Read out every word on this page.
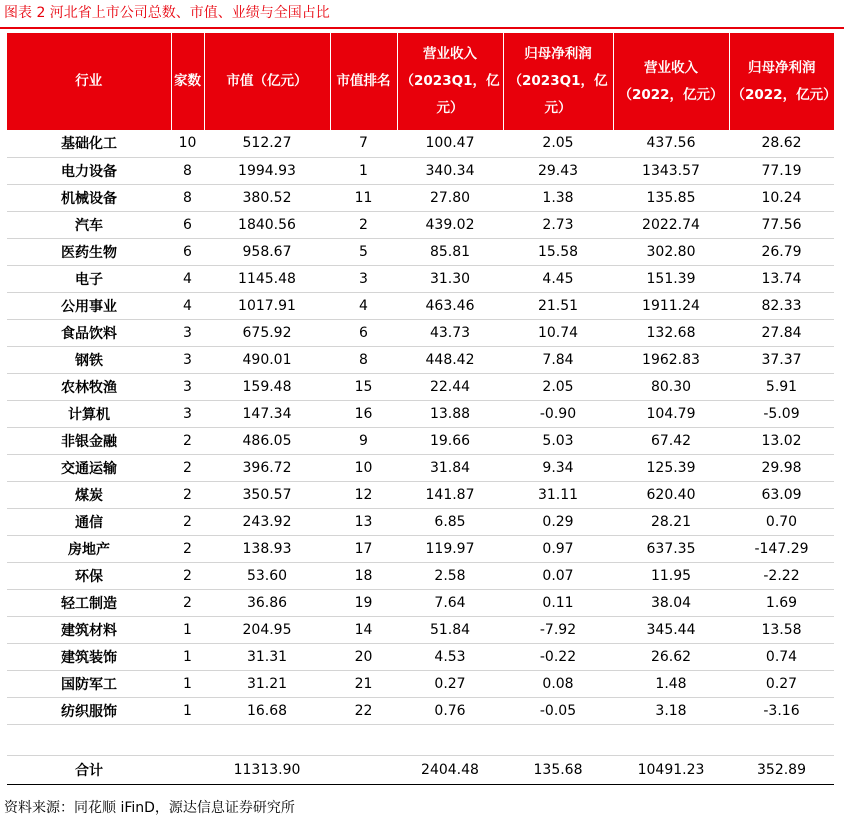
图表 2 河北省上市公司总数、市值、业绩与全国占比
行业	家数	市值（亿元）	市值排名	营业收入（2023Q1，亿元）	归母净利润（2023Q1，亿元）	营业收入（2022，亿元）	归母净利润（2022，亿元）
基础化工	10	512.27	7	100.47	2.05	437.56	28.62
电力设备	8	1994.93	1	340.34	29.43	1343.57	77.19
机械设备	8	380.52	11	27.80	1.38	135.85	10.24
汽车	6	1840.56	2	439.02	2.73	2022.74	77.56
医药生物	6	958.67	5	85.81	15.58	302.80	26.79
电子	4	1145.48	3	31.30	4.45	151.39	13.74
公用事业	4	1017.91	4	463.46	21.51	1911.24	82.33
食品饮料	3	675.92	6	43.73	10.74	132.68	27.84
钢铁	3	490.01	8	448.42	7.84	1962.83	37.37
农林牧渔	3	159.48	15	22.44	2.05	80.30	5.91
计算机	3	147.34	16	13.88	-0.90	104.79	-5.09
非银金融	2	486.05	9	19.66	5.03	67.42	13.02
交通运输	2	396.72	10	31.84	9.34	125.39	29.98
煤炭	2	350.57	12	141.87	31.11	620.40	63.09
通信	2	243.92	13	6.85	0.29	28.21	0.70
房地产	2	138.93	17	119.97	0.97	637.35	-147.29
环保	2	53.60	18	2.58	0.07	11.95	-2.22
轻工制造	2	36.86	19	7.64	0.11	38.04	1.69
建筑材料	1	204.95	14	51.84	-7.92	345.44	13.58
建筑装饰	1	31.31	20	4.53	-0.22	26.62	0.74
国防军工	1	31.21	21	0.27	0.08	1.48	0.27
纺织服饰	1	16.68	22	0.76	-0.05	3.18	-3.16

合计		11313.90		2404.48	135.68	10491.23	352.89
资料来源：同花顺 iFinD，源达信息证券研究所
